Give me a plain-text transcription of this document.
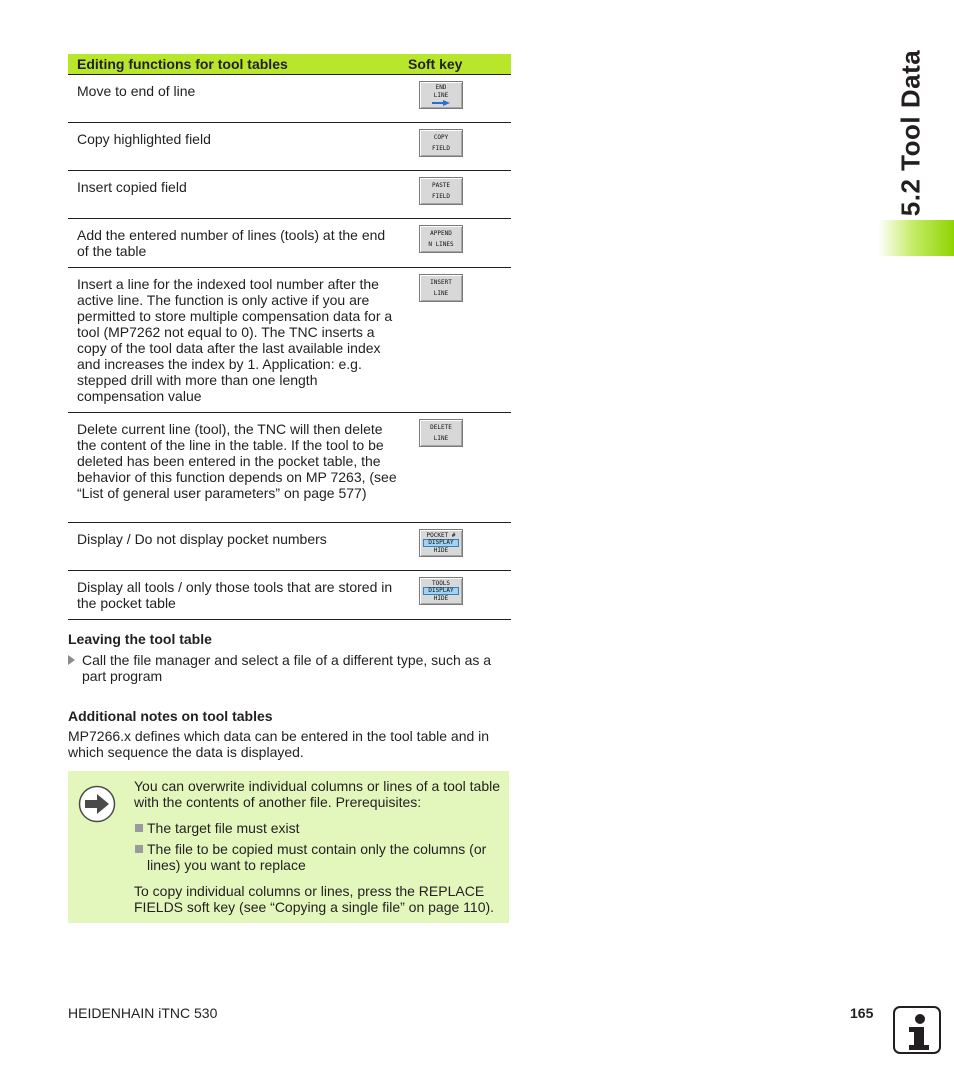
5.2 Tool Data
Editing functions for tool tables	Soft key
Move to end of line	END
LINE

Copy highlighted field	COPY
FIELD

Insert copied field	PASTE
FIELD

Add the entered number of lines (tools) at the end of the table	APPEND
N LINES

Insert a line for the indexed tool number after the active line. The function is only active if you are permitted to store multiple compensation data for a tool (MP7262 not equal to 0). The TNC inserts a copy of the tool data after the last available index and increases the index by 1. Application: e.g. stepped drill with more than one length compensation value	INSERT
LINE

Delete current line (tool), the TNC will then delete the content of the line in the table. If the tool to be deleted has been entered in the pocket table, the behavior of this function depends on MP 7263, (see “List of general user parameters” on page 577)	DELETE
LINE

Display / Do not display pocket numbers	POCKET #
DISPLAY
HIDE

Display all tools / only those tools that are stored in the pocket table	TOOLS
DISPLAY
HIDE
Leaving the tool table
Call the file manager and select a file of a different type, such as a part program
Additional notes on tool tables
MP7266.x defines which data can be entered in the tool table and in which sequence the data is displayed.

You can overwrite individual columns or lines of a tool table with the contents of another file. Prerequisites:

The target file must exist
The file to be copied must contain only the columns (or lines) you want to replace

To copy individual columns or lines, press the REPLACE FIELDS soft key (see “Copying a single file” on page 110).

HEIDENHAIN iTNC 530	165
